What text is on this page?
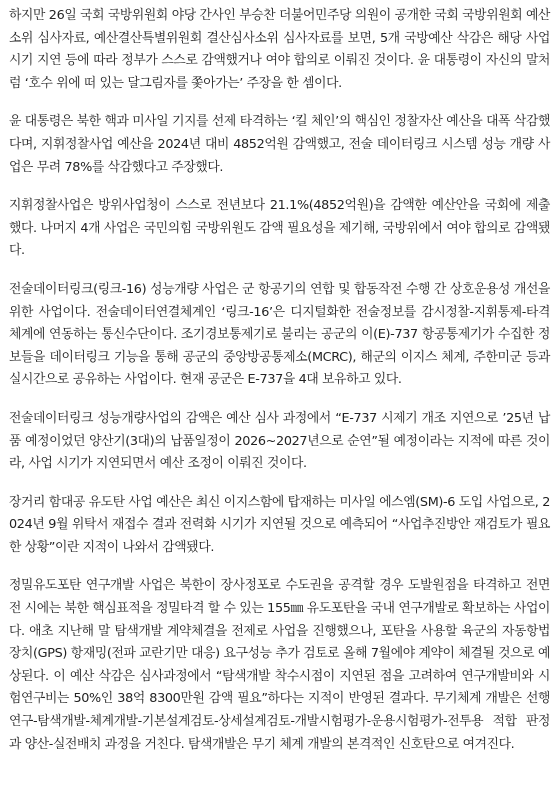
하지만 26일 국회 국방위원회 야당 간사인 부승찬 더불어민주당 의원이 공개한 국회 국방위원회 예산소위 심사자료, 예산결산특별위원회 결산심사소위 심사자료를 보면, 5개 국방예산 삭감은 해당 사업 시기 지연 등에 따라 정부가 스스로 감액했거나 여야 합의로 이뤄진 것이다. 윤 대통령이 자신의 말처럼 ‘호수 위에 떠 있는 달그림자를 쫓아가는’ 주장을 한 셈이다.

윤 대통령은 북한 핵과 미사일 기지를 선제 타격하는 ‘킬 체인’의 핵심인 정찰자산 예산을 대폭 삭감했다며, 지휘정찰사업 예산을 2024년 대비 4852억원 감액했고, 전술 데이터링크 시스템 성능 개량 사업은 무려 78%를 삭감했다고 주장했다.

지휘정찰사업은 방위사업청이 스스로 전년보다 21.1%(4852억원)을 감액한 예산안을 국회에 제출했다. 나머지 4개 사업은 국민의힘 국방위원도 감액 필요성을 제기해, 국방위에서 여야 합의로 감액됐다.

전술데이터링크(링크-16) 성능개량 사업은 군 항공기의 연합 및 합동작전 수행 간 상호운용성 개선을 위한 사업이다. 전술데이터연결체계인 ‘링크-16’은 디지털화한 전술정보를 감시정찰-지휘통제-타격 체계에 연동하는 통신수단이다. 조기경보통제기로 불리는 공군의 이(E)-737 항공통제기가 수집한 정보들을 데이터링크 기능을 통해 공군의 중앙방공통제소(MCRC), 해군의 이지스 체계, 주한미군 등과 실시간으로 공유하는 사업이다. 현재 공군은 E-737을 4대 보유하고 있다.

전술데이터링크 성능개량사업의 감액은 예산 심사 과정에서 “E-737 시제기 개조 지연으로 ’25년 납품 예정이었던 양산기(3대)의 납품일정이 2026~2027년으로 순연”될 예정이라는 지적에 따른 것이라, 사업 시기가 지연되면서 예산 조정이 이뤄진 것이다.

장거리 함대공 유도탄 사업 예산은 최신 이지스함에 탑재하는 미사일 에스엠(SM)-6 도입 사업으로, 2024년 9월 위탁서 재접수 결과 전력화 시기가 지연될 것으로 예측되어 “사업추진방안 재검토가 필요한 상황”이란 지적이 나와서 감액됐다.

정밀유도포탄 연구개발 사업은 북한이 장사정포로 수도권을 공격할 경우 도발원점을 타격하고 전면전 시에는 북한 핵심표적을 정밀타격 할 수 있는 155㎜ 유도포탄을 국내 연구개발로 확보하는 사업이다. 애초 지난해 말 탐색개발 계약체결을 전제로 사업을 진행했으나, 포탄을 사용할 육군의 자동항법장치(GPS) 항재밍(전파 교란기만 대응) 요구성능 추가 검토로 올해 7월에야 계약이 체결될 것으로 예상된다. 이 예산 삭감은 심사과정에서 “탐색개발 착수시점이 지연된 점을 고려하여 연구개발비와 시험연구비는 50%인 38억 8300만원 감액 필요”하다는 지적이 반영된 결과다. 무기체계 개발은 선행연구-탐색개발-체계개발-기본설계검토-상세설계검토-개발시험평가-운용시험평가-전투용 적합 판정과 양산-실전배치 과정을 거친다. 탐색개발은 무기 체계 개발의 본격적인 신호탄으로 여겨진다.
